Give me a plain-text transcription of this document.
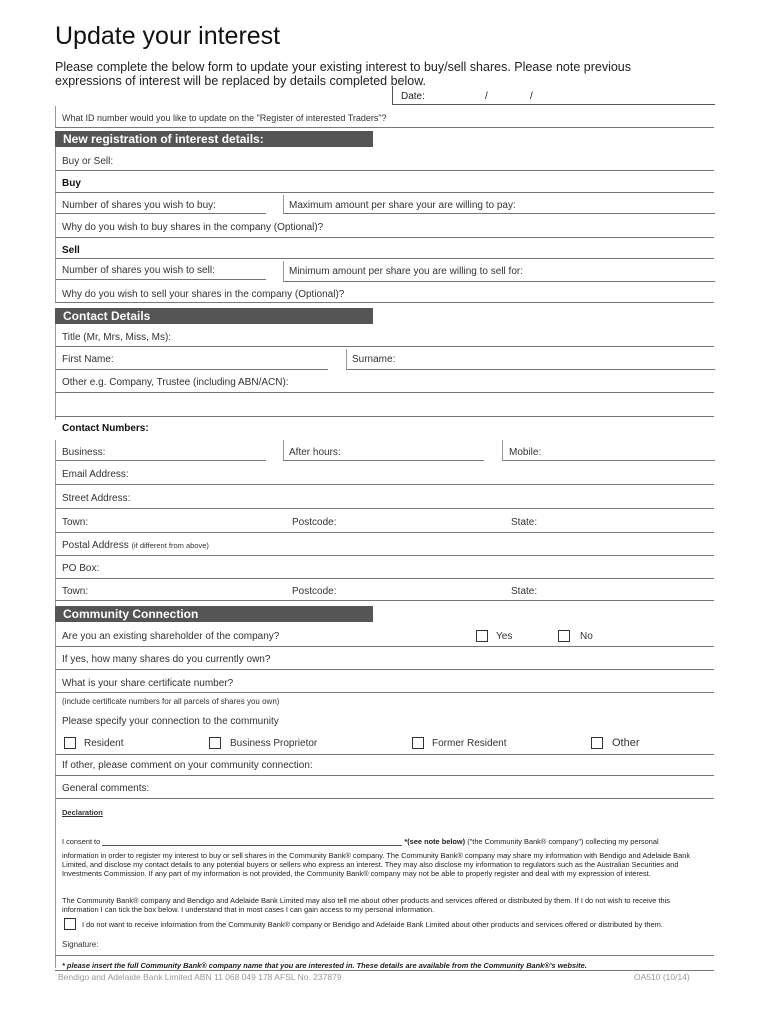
Update your interest
Please complete the below form to update your existing interest to buy/sell shares. Please note previous expressions of interest will be replaced by details completed below.
Date:	/	/
What ID number would you like to update on the "Register of interested Traders"?
New registration of interest details:
Buy or Sell:
Buy
Number of shares you wish to buy:	Maximum amount per share your are willing to pay:
Why do you wish to buy shares in the company (Optional)?
Sell
Number of shares you wish to sell:	Minimum amount per share you are willing to sell for:
Why do you wish to sell your shares in the company (Optional)?
Contact Details
Title (Mr, Mrs, Miss, Ms):
First Name:	Surname:
Other e.g. Company, Trustee (including ABN/ACN):
Contact Numbers:
Business:	After hours:	Mobile:
Email Address:
Street Address:
Town:	Postcode:	State:
Postal Address (if different from above)
PO Box:
Town:	Postcode:	State:
Community Connection
Are you an existing shareholder of the company?	Yes	No
If yes, how many shares do you currently own?
What is your share certificate number?
(include certificate numbers for all parcels of shares you own)
Please specify your connection to the community
Resident	Business Proprietor	Former Resident	Other
If other, please comment on your community connection:
General comments:
Declaration
I consent to	*(see note below) ("the Community Bank® company") collecting my personal
information in order to register my interest to buy or sell shares in the Community Bank® company. The Community Bank® company may share my information with Bendigo and Adelaide Bank Limited, and disclose my contact details to any potential buyers or sellers who express an interest. They may also disclose my information to regulators such as the Australian Securities and Investments Commission. If any part of my information is not provided, the Community Bank® company may not be able to properly register and deal with my expression of interest.
The Community Bank® company and Bendigo and Adelaide Bank Limited may also tell me about other products and services offered or distributed by them. If I do not wish to receive this information I can tick the box below. I understand that in most cases I can gain access to my personal information.
I do not want to receive information from the Community Bank® company or Bendigo and Adelaide Bank Limited about other products and services offered or distributed by them.
Signature:
* please insert the full Community Bank® company name that you are interested in. These details are available from the Community Bank®'s website.
Bendigo and Adelaide Bank Limited ABN 11 068 049 178 AFSL No. 237879	OA510 (10/14)
